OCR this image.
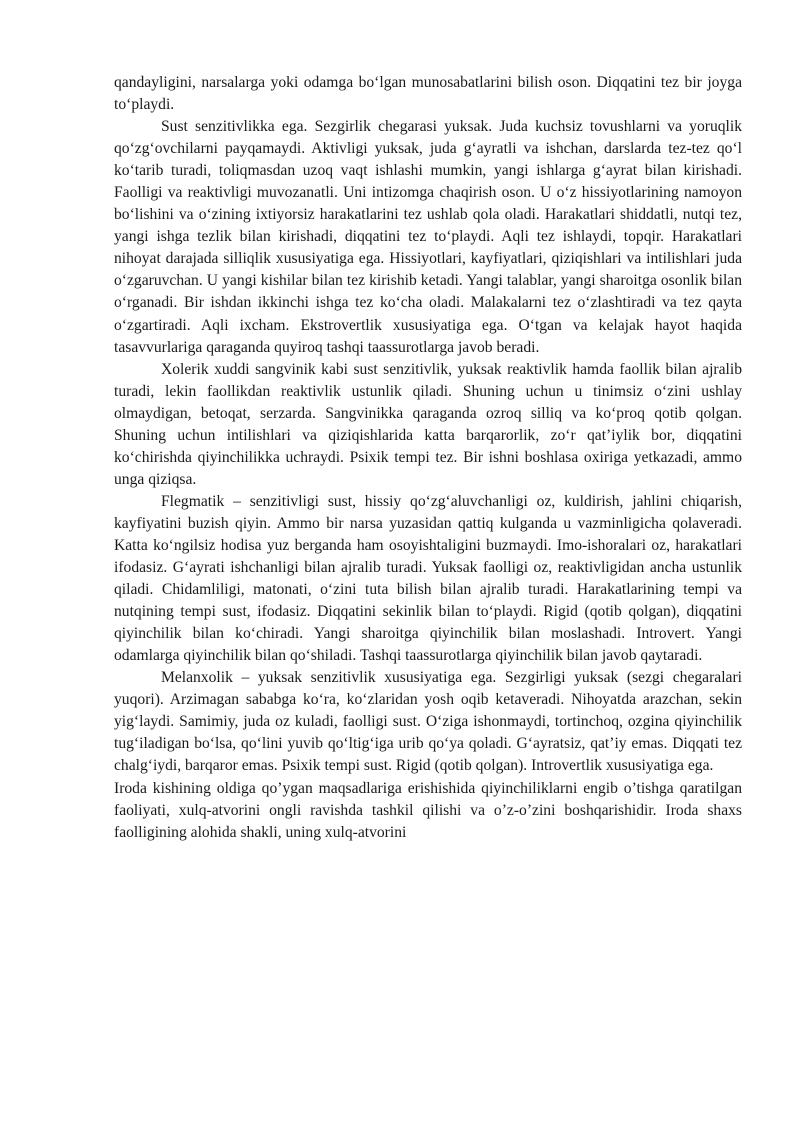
qandayligini, narsalarga yoki odamga bo‘lgan munosabatlarini bilish oson. Diqqatini tez bir joyga to‘playdi.

Sust senzitivlikka ega. Sezgirlik chegarasi yuksak. Juda kuchsiz tovushlarni va yoruqlik qo‘zg‘ovchilarni payqamaydi. Aktivligi yuksak, juda g‘ayratli va ishchan, darslarda tez-tez qo‘l ko‘tarib turadi, toliqmasdan uzoq vaqt ishlashi mumkin, yangi ishlarga g‘ayrat bilan kirishadi. Faolligi va reaktivligi muvozanatli. Uni intizomga chaqirish oson. U o‘z hissiyotlarining namoyon bo‘lishini va o‘zining ixtiyorsiz harakatlarini tez ushlab qola oladi. Harakatlari shiddatli, nutqi tez, yangi ishga tezlik bilan kirishadi, diqqatini tez to‘playdi. Aqli tez ishlaydi, topqir. Harakatlari nihoyat darajada silliqlik xususiyatiga ega. Hissiyotlari, kayfiyatlari, qiziqishlari va intilishlari juda o‘zgaruvchan. U yangi kishilar bilan tez kirishib ketadi. Yangi talablar, yangi sharoitga osonlik bilan o‘rganadi. Bir ishdan ikkinchi ishga tez ko‘cha oladi. Malakalarni tez o‘zlashtiradi va tez qayta o‘zgartiradi. Aqli ixcham. Ekstrovertlik xususiyatiga ega. O‘tgan va kelajak hayot haqida tasavvurlariga qaraganda quyiroq tashqi taassurotlarga javob beradi.

Xolerik xuddi sangvinik kabi sust senzitivlik, yuksak reaktivlik hamda faollik bilan ajralib turadi, lekin faollikdan reaktivlik ustunlik qiladi. Shuning uchun u tinimsiz o‘zini ushlay olmaydigan, betoqat, serzarda. Sangvinikka qaraganda ozroq silliq va ko‘proq qotib qolgan. Shuning uchun intilishlari va qiziqishlarida katta barqarorlik, zo‘r qat’iylik bor, diqqatini ko‘chirishda qiyinchilikka uchraydi. Psixik tempi tez. Bir ishni boshlasa oxiriga yetkazadi, ammo unga qiziqsa.

Flegmatik – senzitivligi sust, hissiy qo‘zg‘aluvchanligi oz, kuldirish, jahlini chiqarish, kayfiyatini buzish qiyin. Ammo bir narsa yuzasidan qattiq kulganda u vazminligicha qolaveradi. Katta ko‘ngilsiz hodisa yuz berganda ham osoyishtaligini buzmaydi. Imo-ishoralari oz, harakatlari ifodasiz. G‘ayrati ishchanligi bilan ajralib turadi. Yuksak faolligi oz, reaktivligidan ancha ustunlik qiladi. Chidamliligi, matonati, o‘zini tuta bilish bilan ajralib turadi. Harakatlarining tempi va nutqining tempi sust, ifodasiz. Diqqatini sekinlik bilan to‘playdi. Rigid (qotib qolgan), diqqatini qiyinchilik bilan ko‘chiradi. Yangi sharoitga qiyinchilik bilan moslashadi. Introvert. Yangi odamlarga qiyinchilik bilan qo‘shiladi. Tashqi taassurotlarga qiyinchilik bilan javob qaytaradi.

Melanxolik – yuksak senzitivlik xususiyatiga ega. Sezgirligi yuksak (sezgi chegaralari yuqori). Arzimagan sababga ko‘ra, ko‘zlaridan yosh oqib ketaveradi. Nihoyatda arazchan, sekin yig‘laydi. Samimiy, juda oz kuladi, faolligi sust. O‘ziga ishonmaydi, tortinchoq, ozgina qiyinchilik tug‘iladigan bo‘lsa, qo‘lini yuvib qo‘ltig‘iga urib qo‘ya qoladi. G‘ayratsiz, qat’iy emas. Diqqati tez chalg‘iydi, barqaror emas. Psixik tempi sust. Rigid (qotib qolgan). Introvertlik xususiyatiga ega.

Iroda kishining oldiga qo’ygan maqsadlariga erishishida qiyinchiliklarni engib o’tishga qaratilgan faoliyati, xulq-atvorini ongli ravishda tashkil qilishi va o’z-o’zini boshqarishidir. Iroda shaxs faolligining alohida shakli, uning xulq-atvorini
